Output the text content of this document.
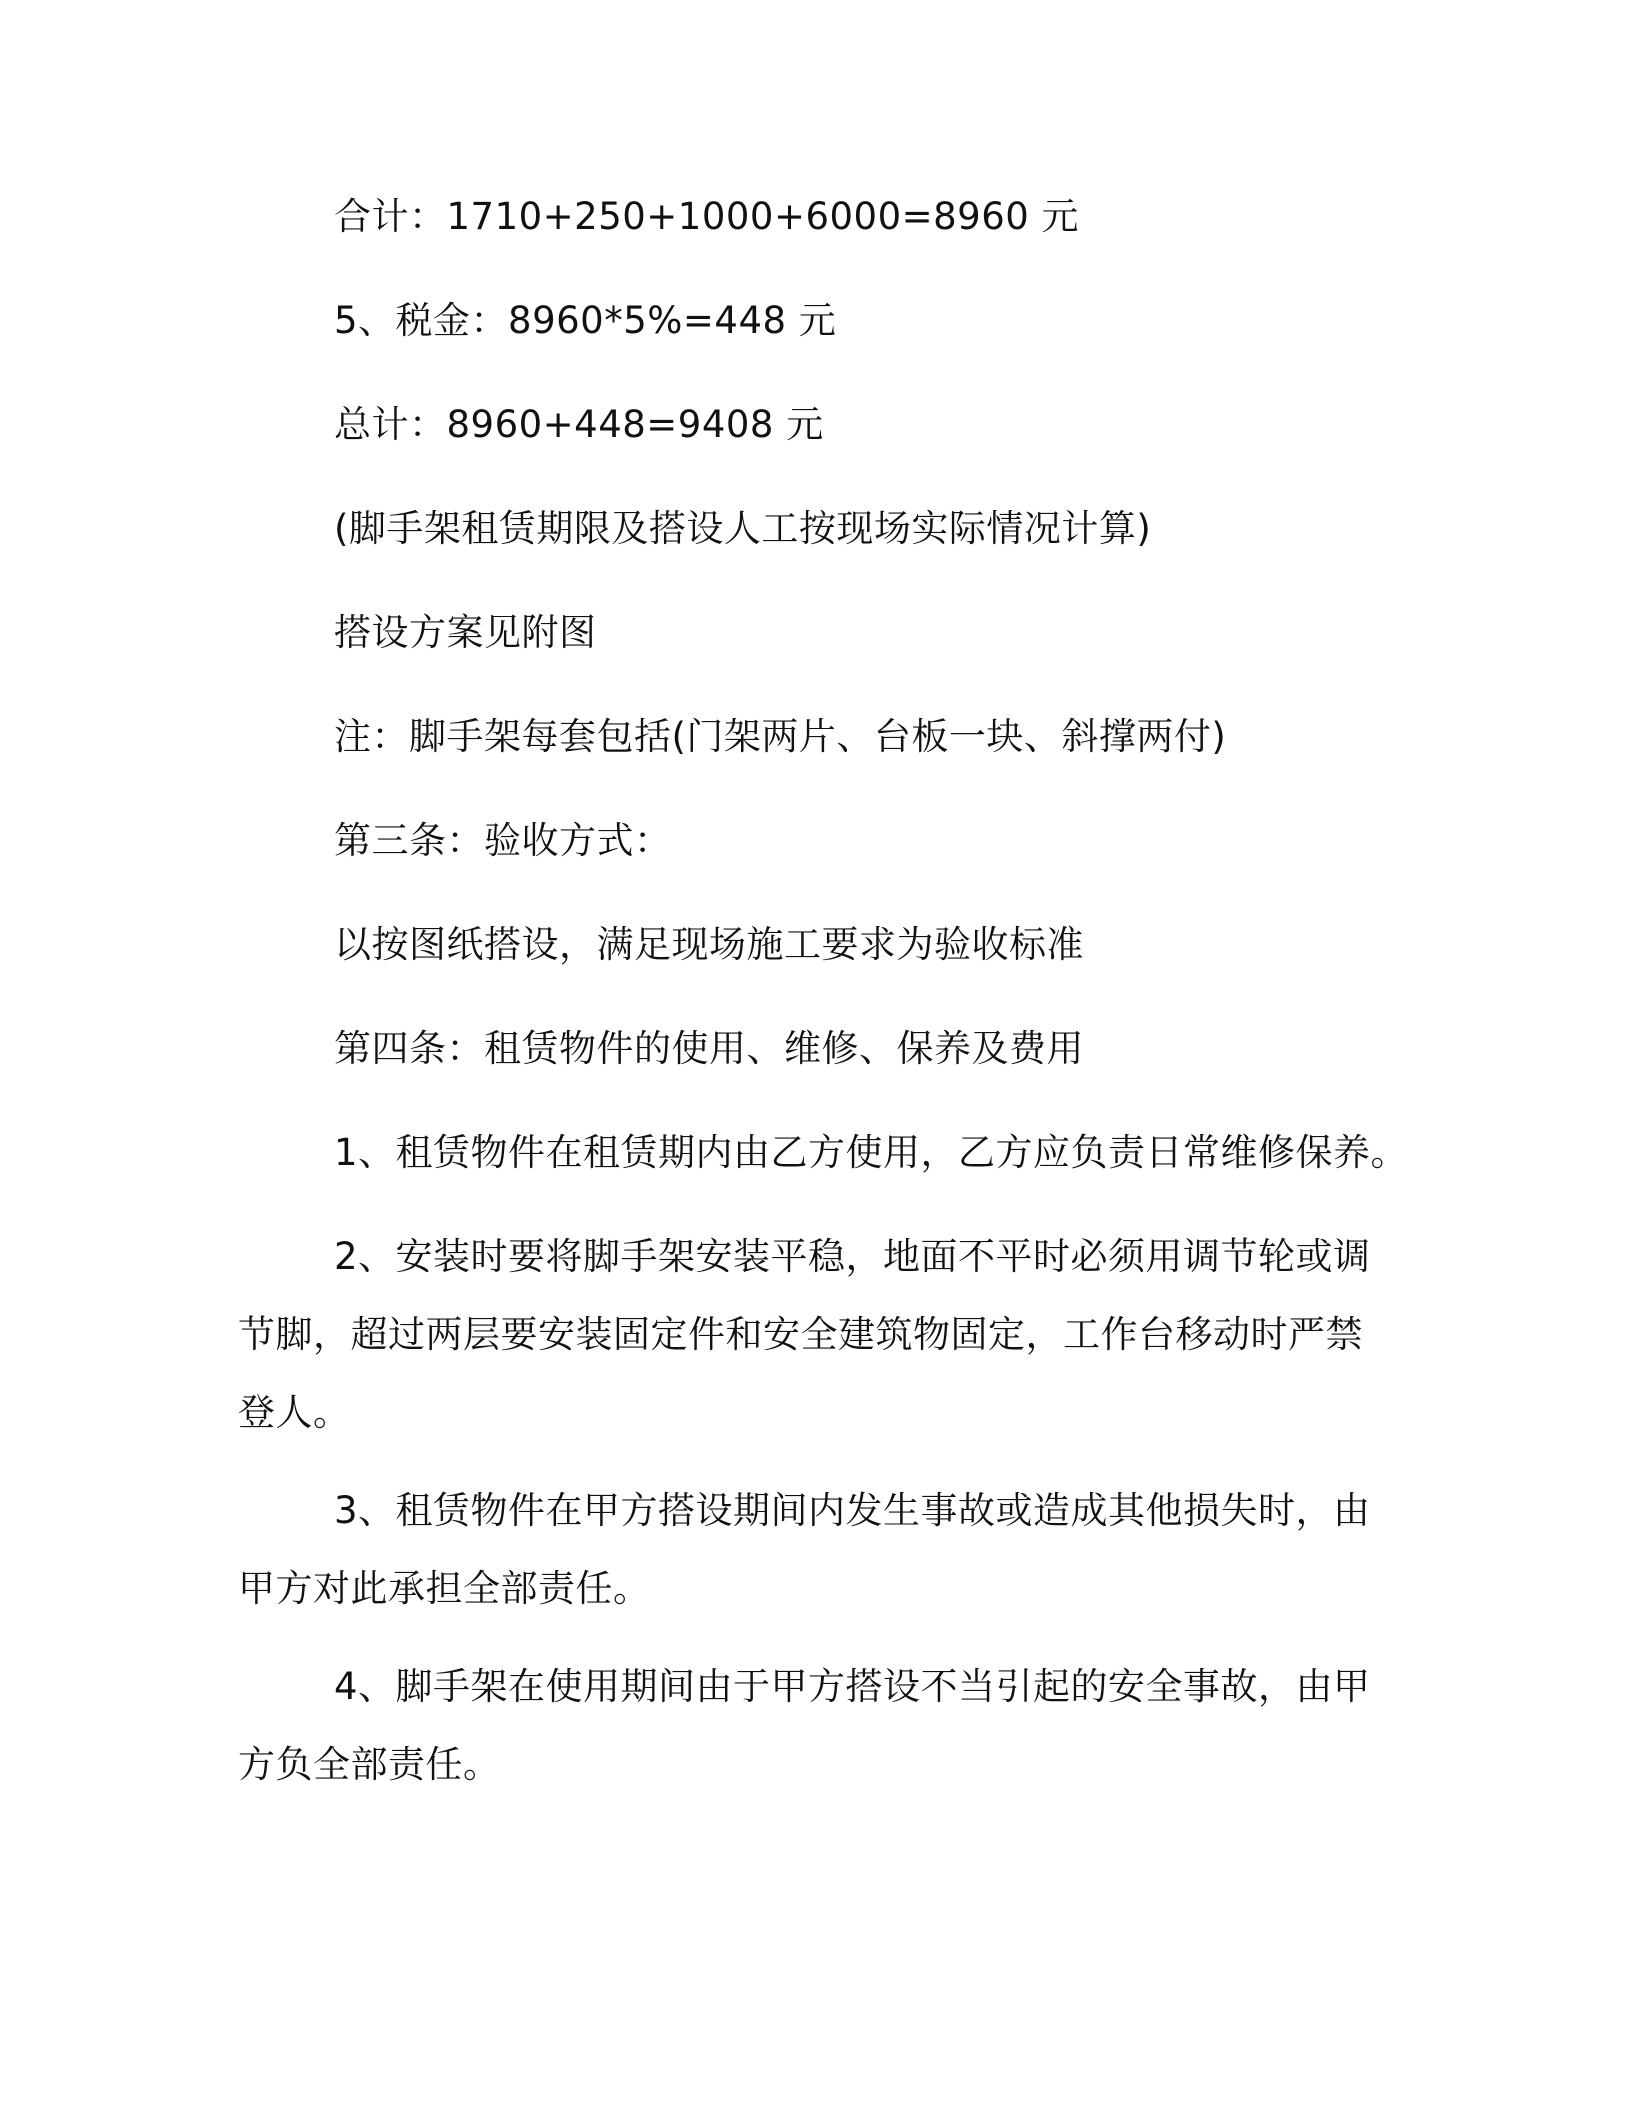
合计：1710+250+1000+6000=8960 元

5、税金：8960*5%=448 元

总计：8960+448=9408 元

(脚手架租赁期限及搭设人工按现场实际情况计算)

搭设方案见附图

注：脚手架每套包括(门架两片、台板一块、斜撑两付)

第三条：验收方式：

以按图纸搭设，满足现场施工要求为验收标准

第四条：租赁物件的使用、维修、保养及费用

1、租赁物件在租赁期内由乙方使用，乙方应负责日常维修保养。

2、安装时要将脚手架安装平稳，地面不平时必须用调节轮或调

节脚，超过两层要安装固定件和安全建筑物固定，工作台移动时严禁

登人。

3、租赁物件在甲方搭设期间内发生事故或造成其他损失时，由

甲方对此承担全部责任。

4、脚手架在使用期间由于甲方搭设不当引起的安全事故，由甲

方负全部责任。
